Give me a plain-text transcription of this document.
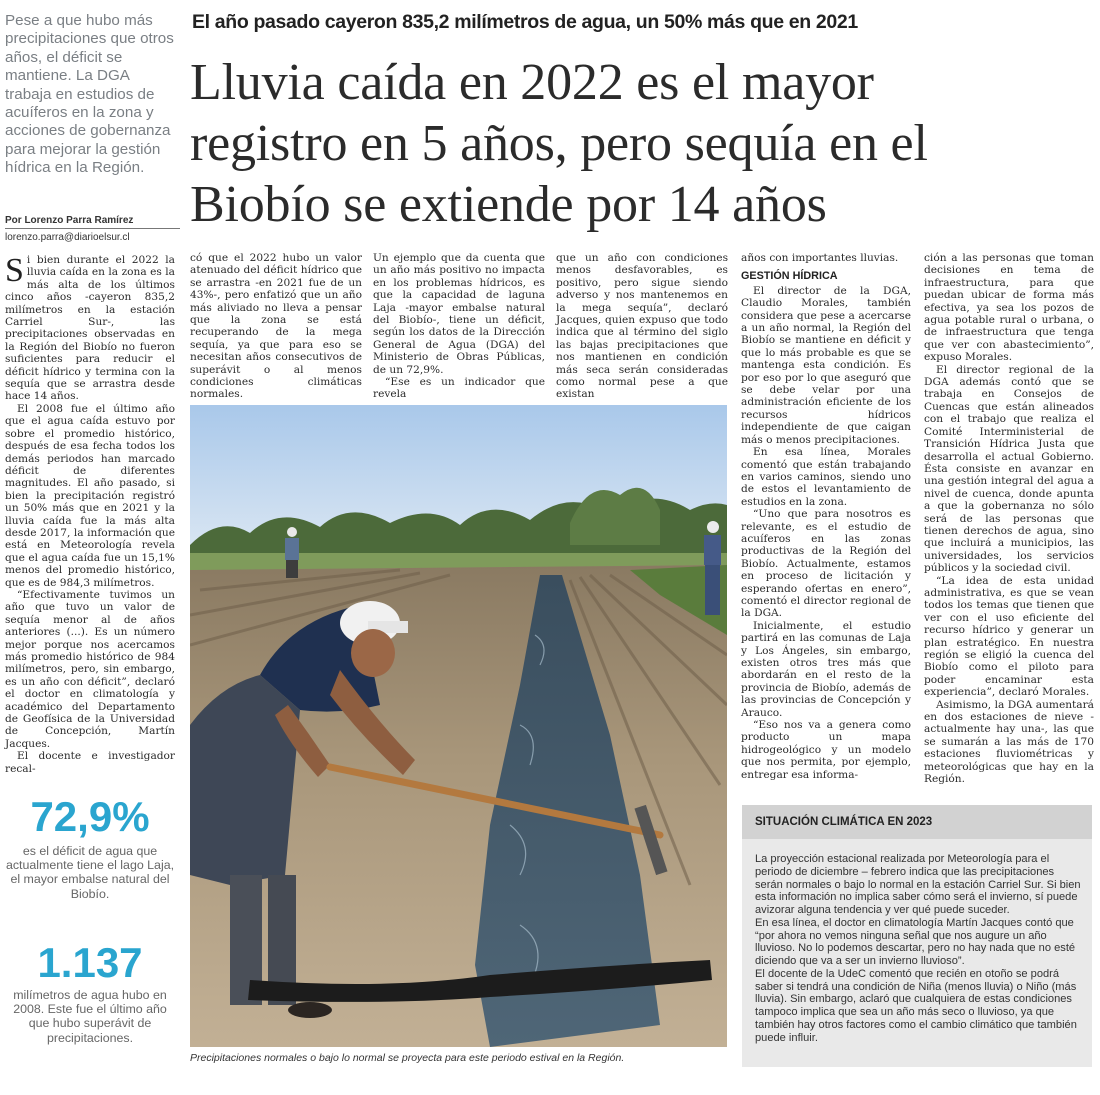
Pese a que hubo más precipitaciones que otros años, el déficit se mantiene. La DGA trabaja en estudios de acuíferos en la zona y acciones de gobernanza para mejorar la gestión hídrica en la Región.
El año pasado cayeron 835,2 milímetros de agua, un 50% más que en 2021
Lluvia caída en 2022 es el mayor
registro en 5 años, pero sequía en el
Biobío se extiende por 14 años
Por Lorenzo Parra Ramírez
lorenzo.parra@diarioelsur.cl

Si bien durante el 2022 la lluvia caída en la zona es la más alta de los últimos cinco años -cayeron 835,2 milímetros en la estación Carriel Sur-, las precipitaciones observadas en la Región del Biobío no fueron suficientes para reducir el déficit hídrico y termina con la sequía que se arrastra desde hace 14 años.

El 2008 fue el último año que el agua caída estuvo por sobre el promedio histórico, después de esa fecha todos los demás periodos han marcado déficit de diferentes magnitudes. El año pasado, si bien la precipitación registró un 50% más que en 2021 y la lluvia caída fue la más alta desde 2017, la información que está en Meteorología revela que el agua caída fue un 15,1% menos del promedio histórico, que es de 984,3 milímetros.

“Efectivamente tuvimos un año que tuvo un valor de sequía menor al de años anteriores (...). Es un número mejor porque nos acercamos más promedio histórico de 984 milímetros, pero, sin embargo, es un año con déficit”, declaró el doctor en climatología y académico del Departamento de Geofísica de la Universidad de Concepción, Martín Jacques.

El docente e investigador recal-

72,9%
es el déficit de agua que actualmente tiene el lago Laja, el mayor embalse natural del Biobío.
1.137
milímetros de agua hubo en 2008. Este fue el último año que hubo superávit de precipitaciones.

có que el 2022 hubo un valor atenuado del déficit hídrico que se arrastra -en 2021 fue de un 43%-, pero enfatizó que un año más aliviado no lleva a pensar que la zona se está recuperando de la mega sequía, ya que para eso se necesitan años consecutivos de superávit o al menos condiciones climáticas normales.

Un ejemplo que da cuenta que un año más positivo no impacta en los problemas hídricos, es que la capacidad de laguna Laja -mayor embalse natural del Biobío-, tiene un déficit, según los datos de la Dirección General de Agua (DGA) del Ministerio de Obras Públicas, de un 72,9%.

“Ese es un indicador que revela

que un año con condiciones menos desfavorables, es positivo, pero sigue siendo adverso y nos mantenemos en la mega sequía”, declaró Jacques, quien expuso que todo indica que al término del siglo las bajas precipitaciones que nos mantienen en condición más seca serán consideradas como normal pese a que existan

años con importantes lluvias.

GESTIÓN HÍDRICA

El director de la DGA, Claudio Morales, también considera que pese a acercarse a un año normal, la Región del Biobío se mantiene en déficit y que lo más probable es que se mantenga esta condición. Es por eso por lo que aseguró que se debe velar por una administración eficiente de los recursos hídricos independiente de que caigan más o menos precipitaciones.

En esa línea, Morales comentó que están trabajando en varios caminos, siendo uno de estos el levantamiento de estudios en la zona.

“Uno que para nosotros es relevante, es el estudio de acuíferos en las zonas productivas de la Región del Biobío. Actualmente, estamos en proceso de licitación y esperando ofertas en enero”, comentó el director regional de la DGA.

Inicialmente, el estudio partirá en las comunas de Laja y Los Ángeles, sin embargo, existen otros tres más que abordarán en el resto de la provincia de Biobío, además de las provincias de Concepción y Arauco.

“Eso nos va a genera como producto un mapa hidrogeológico y un modelo que nos permita, por ejemplo, entregar esa informa-

ción a las personas que toman decisiones en tema de infraestructura, para que puedan ubicar de forma más efectiva, ya sea los pozos de agua potable rural o urbana, o de infraestructura que tenga que ver con abastecimiento”, expuso Morales.

El director regional de la DGA además contó que se trabaja en Consejos de Cuencas que están alineados con el trabajo que realiza el Comité Interministerial de Transición Hídrica Justa que desarrolla el actual Gobierno. Ésta consiste en avanzar en una gestión integral del agua a nivel de cuenca, donde apunta a que la gobernanza no sólo será de las personas que tienen derechos de agua, sino que incluirá a municipios, las universidades, los servicios públicos y la sociedad civil.

“La idea de esta unidad administrativa, es que se vean todos los temas que tienen que ver con el uso eficiente del recurso hídrico y generar un plan estratégico. En nuestra región se eligió la cuenca del Biobío como el piloto para poder encaminar esta experiencia”, declaró Morales.

Asimismo, la DGA aumentará en dos estaciones de nieve -actualmente hay una-, las que se sumarán a las más de 170 estaciones fluviométricas y meteorológicas que hay en la Región.

Precipitaciones normales o bajo lo normal se proyecta para este periodo estival en la Región.
SITUACIÓN CLIMÁTICA EN 2023

La proyección estacional realizada por Meteorología para el periodo de diciembre – febrero indica que las precipitaciones serán normales o bajo lo normal en la estación Carriel Sur. Si bien esta información no implica saber cómo será el invierno, sí puede avizorar alguna tendencia y ver qué puede suceder.

En esa línea, el doctor en climatología Martín Jacques contó que “por ahora no vemos ninguna señal que nos augure un año lluvioso. No lo podemos descartar, pero no hay nada que no esté diciendo que va a ser un invierno lluvioso”.

El docente de la UdeC comentó que recién en otoño se podrá saber si tendrá una condición de Niña (menos lluvia) o Niño (más lluvia). Sin embargo, aclaró que cualquiera de estas condiciones tampoco implica que sea un año más seco o lluvioso, ya que también hay otros factores como el cambio climático que también puede influir.
